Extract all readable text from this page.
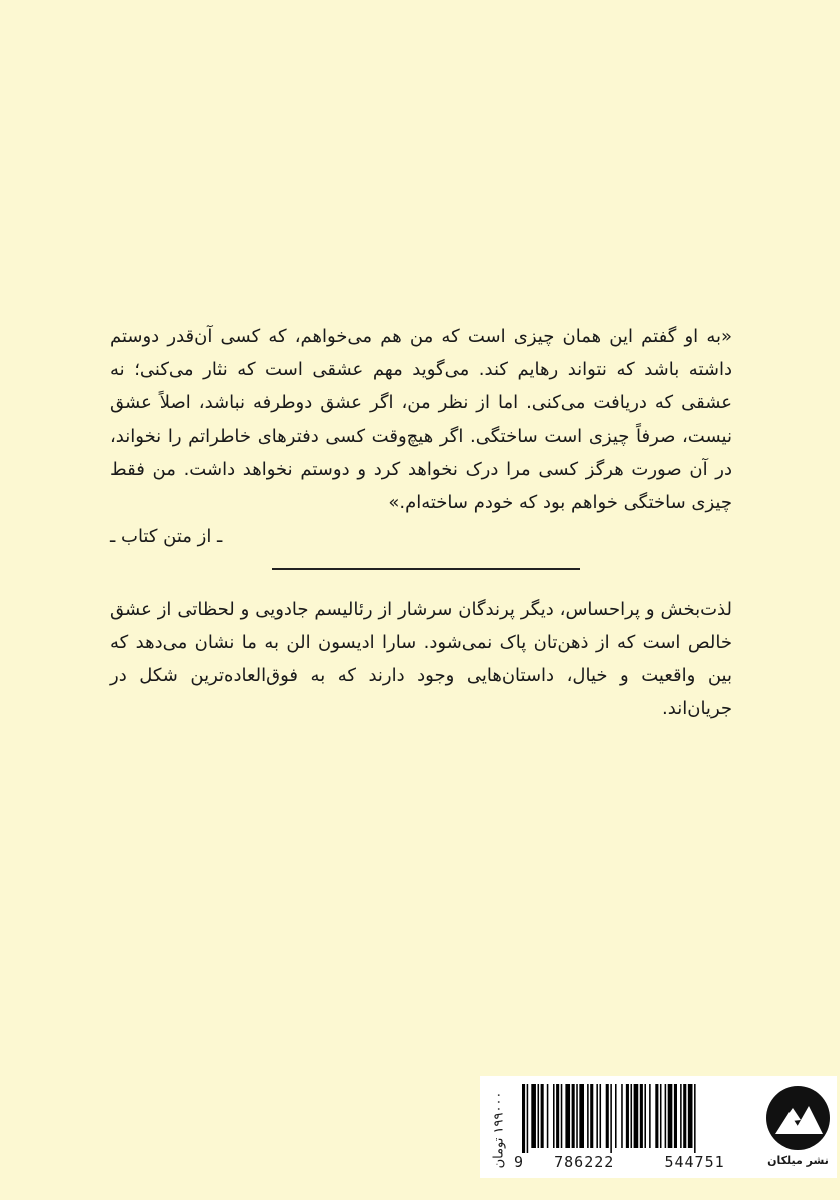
«به او گفتم این همان چیزی است که من هم می‌خواهم، که کسی آن‌قدر دوستم داشته باشد که نتواند رهایم کند. می‌گوید مهم عشقی است که نثار می‌کنی؛ نه عشقی که دریافت می‌کنی. اما از نظر من، اگر عشق دوطرفه نباشد، اصلاً عشق نیست، صرفاً چیزی است ساختگی. اگر هیچ‌وقت کسی دفترهای خاطراتم را نخواند، در آن صورت هرگز کسی مرا درک نخواهد کرد و دوستم نخواهد داشت. من فقط چیزی ساختگی خواهم بود که خودم ساخته‌ام.»

ـ از متن کتاب ـ

لذت‌بخش و پراحساس، دیگر پرندگان سرشار از رئالیسم جادویی و لحظاتی از عشق خالص است که از ذهن‌تان پاک نمی‌شود. سارا ادیسون الن به ما نشان می‌دهد که بین واقعیت و خیال، داستان‌هایی وجود دارند که به فوق‌العاده‌ترین شکل در جریان‌اند.

۱۹۹۰۰۰ تومان
9 786222	544751	نشر میلکان
